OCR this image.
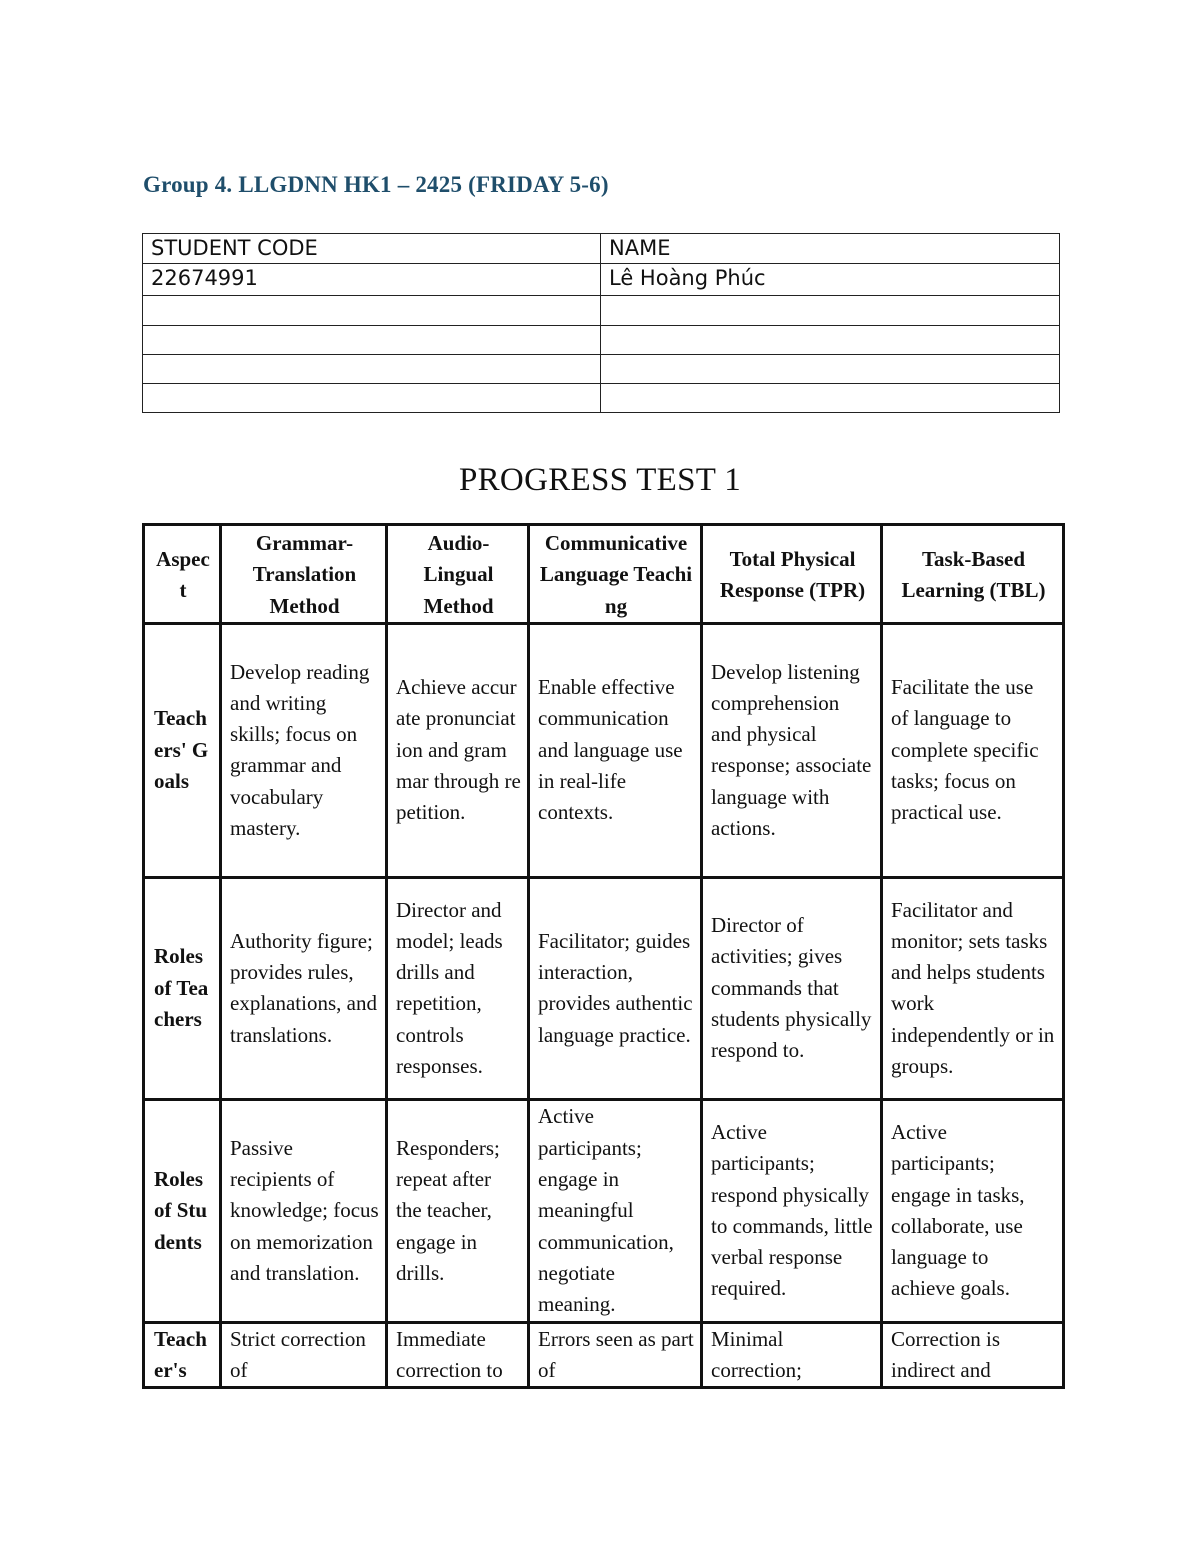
Group 4. LLGDNN HK1 – 2425 (FRIDAY 5-6)
STUDENT CODE	NAME
22674991	Lê Hoàng Phúc

PROGRESS TEST 1
Aspect	Grammar-Translation Method	Audio-Lingual Method	Communicative Language Teaching	Total Physical Response (TPR)	Task-Based Learning (TBL)
Teachers' Goals	Develop reading and writing skills; focus on grammar and vocabulary mastery.	Achieve accurate pronunciation and grammar through repetition.	Enable effective communication and language use in real-life contexts.	Develop listening comprehension and physical response; associate language with actions.	Facilitate the use of language to complete specific tasks; focus on practical use.
Roles of Teachers	Authority figure; provides rules, explanations, and translations.	Director and model; leads drills and repetition, controls responses.	Facilitator; guides interaction, provides authentic language practice.	Director of activities; gives commands that students physically respond to.	Facilitator and monitor; sets tasks and helps students work independently or in groups.
Roles of Students	Passive recipients of knowledge; focus on memorization and translation.	Responders; repeat after the teacher, engage in drills.	Active participants; engage in meaningful communication, negotiate meaning.	Active participants; respond physically to commands, little verbal response required.	Active participants; engage in tasks, collaborate, use language to achieve goals.
Teacher's	Strict correction of	Immediate correction to	Errors seen as part of	Minimal correction;	Correction is indirect and
